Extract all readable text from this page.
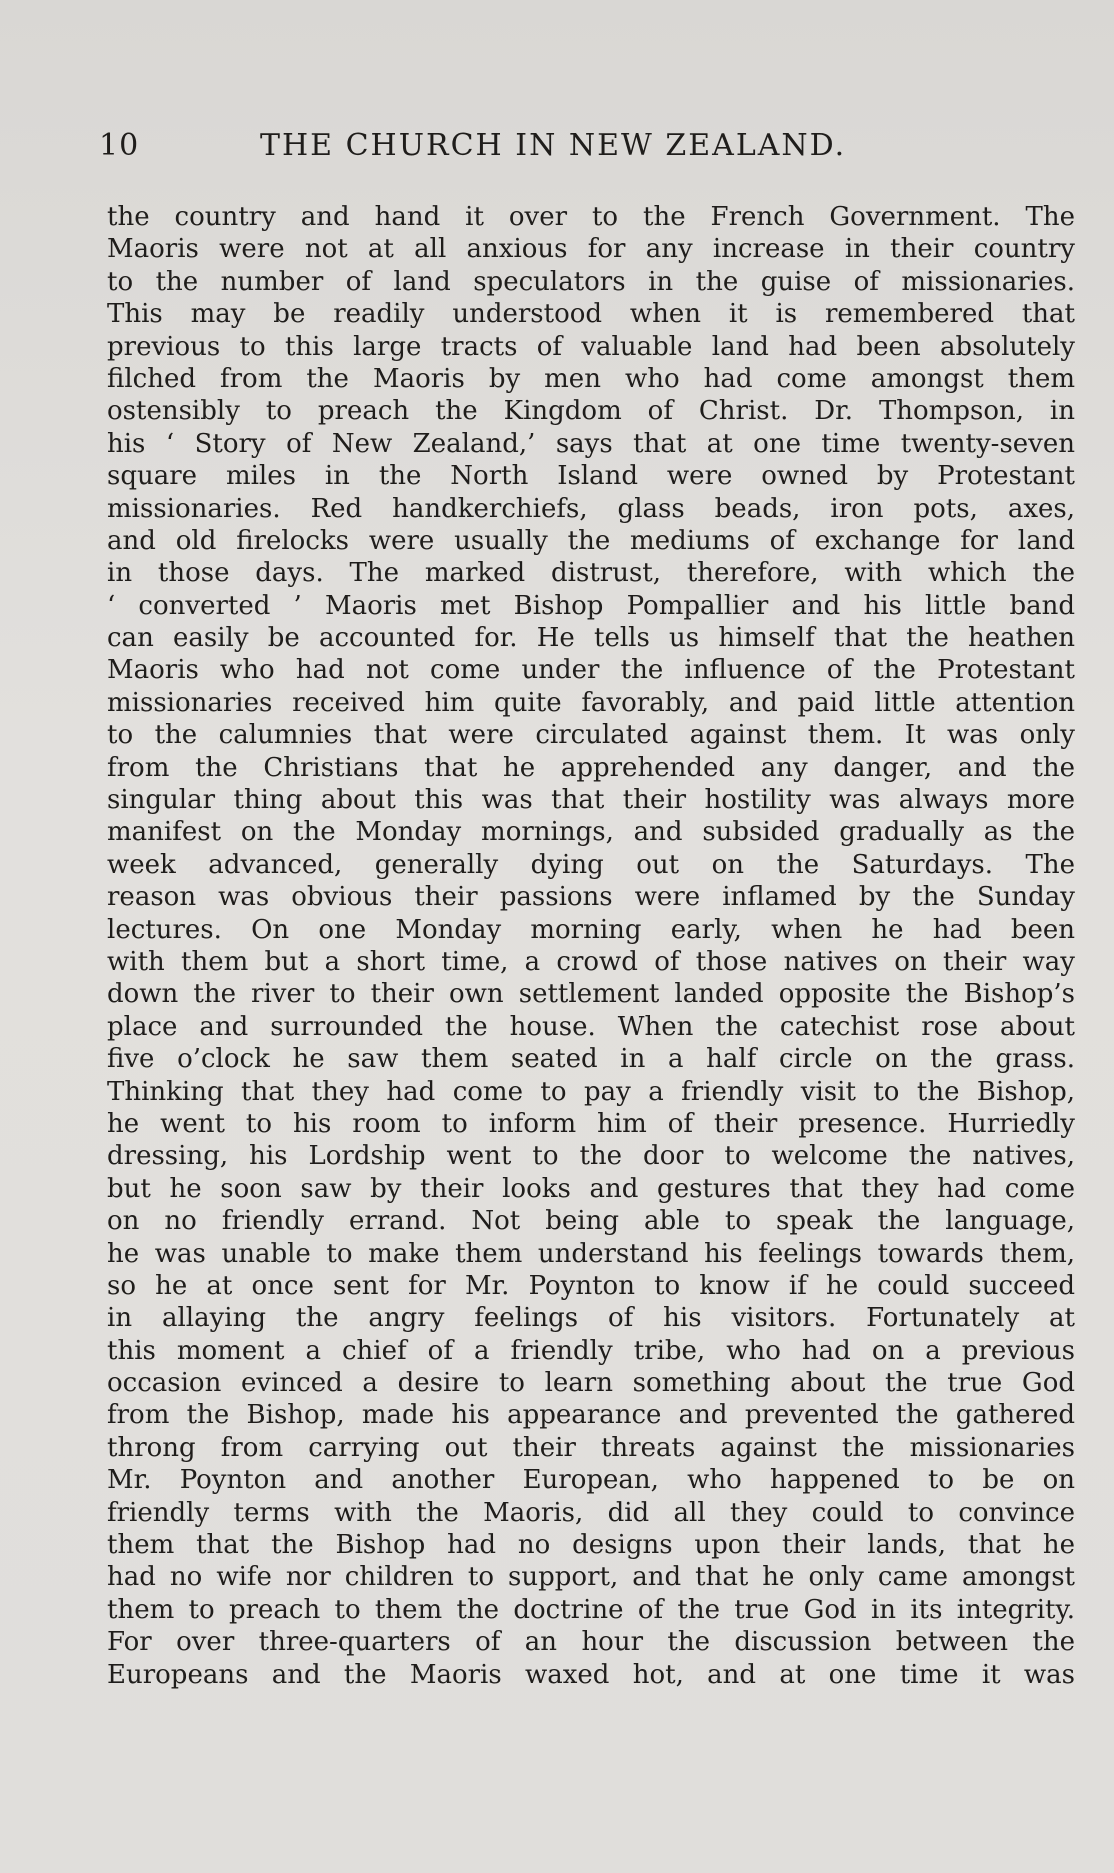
10	THE CHURCH IN NEW ZEALAND.
the country and hand it over to the French Government. The
Maoris were not at all anxious for any increase in their country
to the number of land speculators in the guise of missionaries.
This may be readily understood when it is remembered that
previous to this large tracts of valuable land had been absolutely
filched from the Maoris by men who had come amongst them
ostensibly to preach the Kingdom of Christ. Dr. Thompson, in
his ‘ Story of New Zealand,’ says that at one time twenty-seven
square miles in the North Island were owned by Protestant
missionaries. Red handkerchiefs, glass beads, iron pots, axes,
and old firelocks were usually the mediums of exchange for land
in those days. The marked distrust, therefore, with which the
‘ converted ’ Maoris met Bishop Pompallier and his little band
can easily be accounted for. He tells us himself that the heathen
Maoris who had not come under the influence of the Protestant
missionaries received him quite favorably, and paid little attention
to the calumnies that were circulated against them. It was only
from the Christians that he apprehended any danger, and the
singular thing about this was that their hostility was always more
manifest on the Monday mornings, and subsided gradually as the
week advanced, generally dying out on the Saturdays. The
reason was obvious their passions were inflamed by the Sunday
lectures. On one Monday morning early, when he had been
with them but a short time, a crowd of those natives on their way
down the river to their own settlement landed opposite the Bishop’s
place and surrounded the house. When the catechist rose about
five o’clock he saw them seated in a half circle on the grass.
Thinking that they had come to pay a friendly visit to the Bishop,
he went to his room to inform him of their presence. Hurriedly
dressing, his Lordship went to the door to welcome the natives,
but he soon saw by their looks and gestures that they had come
on no friendly errand. Not being able to speak the language,
he was unable to make them understand his feelings towards them,
so he at once sent for Mr. Poynton to know if he could succeed
in allaying the angry feelings of his visitors. Fortunately at
this moment a chief of a friendly tribe, who had on a previous
occasion evinced a desire to learn something about the true God
from the Bishop, made his appearance and prevented the gathered
throng from carrying out their threats against the missionaries
Mr. Poynton and another European, who happened to be on
friendly terms with the Maoris, did all they could to convince
them that the Bishop had no designs upon their lands, that he
had no wife nor children to support, and that he only came amongst
them to preach to them the doctrine of the true God in its integrity.
For over three-quarters of an hour the discussion between the
Europeans and the Maoris waxed hot, and at one time it was
